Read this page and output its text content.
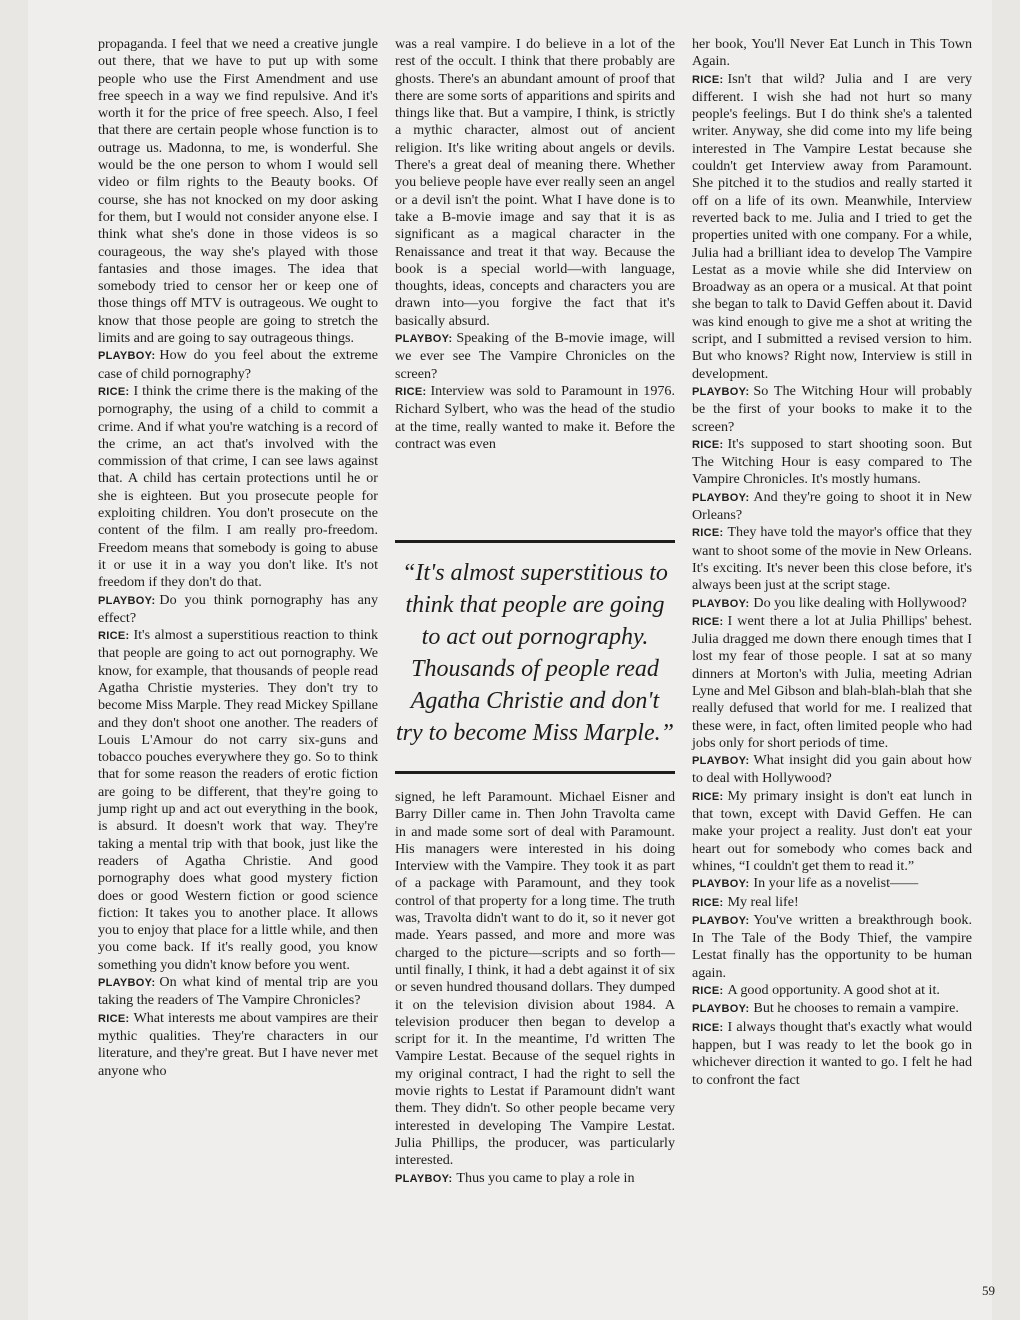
propaganda. I feel that we need a creative jungle out there, that we have to put up with some people who use the First Amendment and use free speech in a way we find repulsive. And it's worth it for the price of free speech. Also, I feel that there are certain people whose function is to outrage us. Madonna, to me, is wonderful. She would be the one person to whom I would sell video or film rights to the Beauty books. Of course, she has not knocked on my door asking for them, but I would not consider anyone else. I think what she's done in those videos is so courageous, the way she's played with those fantasies and those images. The idea that somebody tried to censor her or keep one of those things off MTV is outrageous. We ought to know that those people are going to stretch the limits and are going to say outrageous things.

PLAYBOY: How do you feel about the extreme case of child pornography?

RICE: I think the crime there is the making of the pornography, the using of a child to commit a crime. And if what you're watching is a record of the crime, an act that's involved with the commission of that crime, I can see laws against that. A child has certain protections until he or she is eighteen. But you prosecute people for exploiting children. You don't prosecute on the content of the film. I am really pro-freedom. Freedom means that somebody is going to abuse it or use it in a way you don't like. It's not freedom if they don't do that.

PLAYBOY: Do you think pornography has any effect?

RICE: It's almost a superstitious reaction to think that people are going to act out pornography. We know, for example, that thousands of people read Agatha Christie mysteries. They don't try to become Miss Marple. They read Mickey Spillane and they don't shoot one another. The readers of Louis L'Amour do not carry six-guns and tobacco pouches everywhere they go. So to think that for some reason the readers of erotic fiction are going to be different, that they're going to jump right up and act out everything in the book, is absurd. It doesn't work that way. They're taking a mental trip with that book, just like the readers of Agatha Christie. And good pornography does what good mystery fiction does or good Western fiction or good science fiction: It takes you to another place. It allows you to enjoy that place for a little while, and then you come back. If it's really good, you know something you didn't know before you went.

PLAYBOY: On what kind of mental trip are you taking the readers of The Vampire Chronicles?

RICE: What interests me about vampires are their mythic qualities. They're characters in our literature, and they're great. But I have never met anyone who

was a real vampire. I do believe in a lot of the rest of the occult. I think that there probably are ghosts. There's an abundant amount of proof that there are some sorts of apparitions and spirits and things like that. But a vampire, I think, is strictly a mythic character, almost out of ancient religion. It's like writing about angels or devils. There's a great deal of meaning there. Whether you believe people have ever really seen an angel or a devil isn't the point. What I have done is to take a B-movie image and say that it is as significant as a magical character in the Renaissance and treat it that way. Because the book is a special world—with language, thoughts, ideas, concepts and characters you are drawn into—you forgive the fact that it's basically absurd.

PLAYBOY: Speaking of the B-movie image, will we ever see The Vampire Chronicles on the screen?

RICE: Interview was sold to Paramount in 1976. Richard Sylbert, who was the head of the studio at the time, really wanted to make it. Before the contract was even

“It's almost superstitious to think that people are going to act out pornography. Thousands of people read Agatha Christie and don't try to become Miss Marple.”

signed, he left Paramount. Michael Eisner and Barry Diller came in. Then John Travolta came in and made some sort of deal with Paramount. His managers were interested in his doing Interview with the Vampire. They took it as part of a package with Paramount, and they took control of that property for a long time. The truth was, Travolta didn't want to do it, so it never got made. Years passed, and more and more was charged to the picture—scripts and so forth—until finally, I think, it had a debt against it of six or seven hundred thousand dollars. They dumped it on the television division about 1984. A television producer then began to develop a script for it. In the meantime, I'd written The Vampire Lestat. Because of the sequel rights in my original contract, I had the right to sell the movie rights to Lestat if Paramount didn't want them. They didn't. So other people became very interested in developing The Vampire Lestat. Julia Phillips, the producer, was particularly interested.

PLAYBOY: Thus you came to play a role in

her book, You'll Never Eat Lunch in This Town Again.

RICE: Isn't that wild? Julia and I are very different. I wish she had not hurt so many people's feelings. But I do think she's a talented writer. Anyway, she did come into my life being interested in The Vampire Lestat because she couldn't get Interview away from Paramount. She pitched it to the studios and really started it off on a life of its own. Meanwhile, Interview reverted back to me. Julia and I tried to get the properties united with one company. For a while, Julia had a brilliant idea to develop The Vampire Lestat as a movie while she did Interview on Broadway as an opera or a musical. At that point she began to talk to David Geffen about it. David was kind enough to give me a shot at writing the script, and I submitted a revised version to him. But who knows? Right now, Interview is still in development.

PLAYBOY: So The Witching Hour will probably be the first of your books to make it to the screen?

RICE: It's supposed to start shooting soon. But The Witching Hour is easy compared to The Vampire Chronicles. It's mostly humans.

PLAYBOY: And they're going to shoot it in New Orleans?

RICE: They have told the mayor's office that they want to shoot some of the movie in New Orleans. It's exciting. It's never been this close before, it's always been just at the script stage.

PLAYBOY: Do you like dealing with Hollywood?

RICE: I went there a lot at Julia Phillips' behest. Julia dragged me down there enough times that I lost my fear of those people. I sat at so many dinners at Morton's with Julia, meeting Adrian Lyne and Mel Gibson and blah-blah-blah that she really defused that world for me. I realized that these were, in fact, often limited people who had jobs only for short periods of time.

PLAYBOY: What insight did you gain about how to deal with Hollywood?

RICE: My primary insight is don't eat lunch in that town, except with David Geffen. He can make your project a reality. Just don't eat your heart out for somebody who comes back and whines, “I couldn't get them to read it.”

PLAYBOY: In your life as a novelist——

RICE: My real life!

PLAYBOY: You've written a breakthrough book. In The Tale of the Body Thief, the vampire Lestat finally has the opportunity to be human again.

RICE: A good opportunity. A good shot at it.

PLAYBOY: But he chooses to remain a vampire.

RICE: I always thought that's exactly what would happen, but I was ready to let the book go in whichever direction it wanted to go. I felt he had to confront the fact

59
